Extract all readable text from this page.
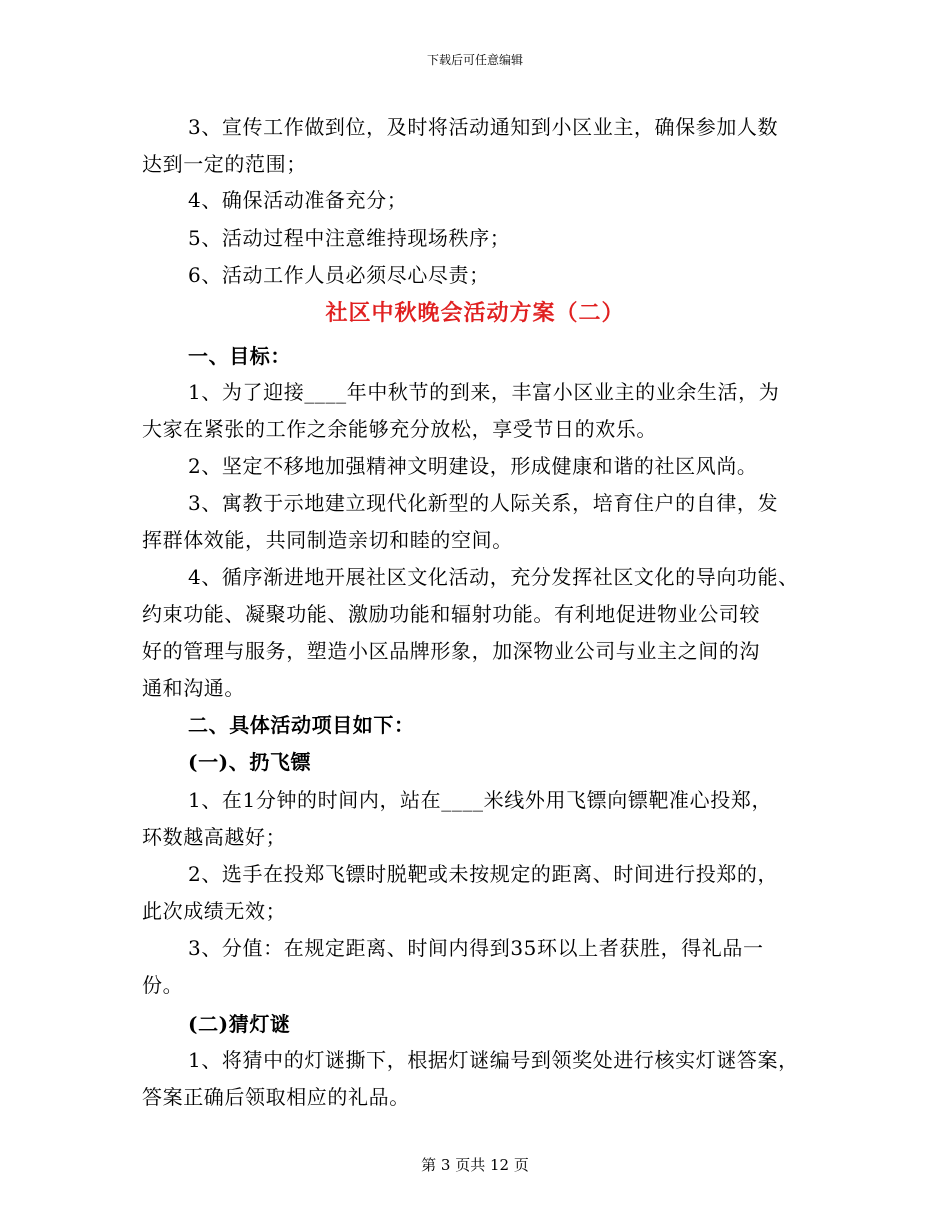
下载后可任意编辑
3、宣传工作做到位，及时将活动通知到小区业主，确保参加人数
达到一定的范围；
4、确保活动准备充分；
5、活动过程中注意维持现场秩序；
6、活动工作人员必须尽心尽责；
社区中秋晚会活动方案（二）
一、目标：
1、为了迎接____年中秋节的到来，丰富小区业主的业余生活，为
大家在紧张的工作之余能够充分放松，享受节日的欢乐。
2、坚定不移地加强精神文明建设，形成健康和谐的社区风尚。
3、寓教于示地建立现代化新型的人际关系，培育住户的自律，发
挥群体效能，共同制造亲切和睦的空间。
4、循序渐进地开展社区文化活动，充分发挥社区文化的导向功能、
约束功能、凝聚功能、激励功能和辐射功能。有利地促进物业公司较
好的管理与服务，塑造小区品牌形象，加深物业公司与业主之间的沟
通和沟通。
二、具体活动项目如下：
(一)、扔飞镖
1、在1分钟的时间内，站在____米线外用飞镖向镖靶准心投郑，
环数越高越好；
2、选手在投郑飞镖时脱靶或未按规定的距离、时间进行投郑的，
此次成绩无效；
3、分值：在规定距离、时间内得到35环以上者获胜，得礼品一
份。
(二)猜灯谜
1、将猜中的灯谜撕下，根据灯谜编号到领奖处进行核实灯谜答案，
答案正确后领取相应的礼品。
第 3 页共 12 页
